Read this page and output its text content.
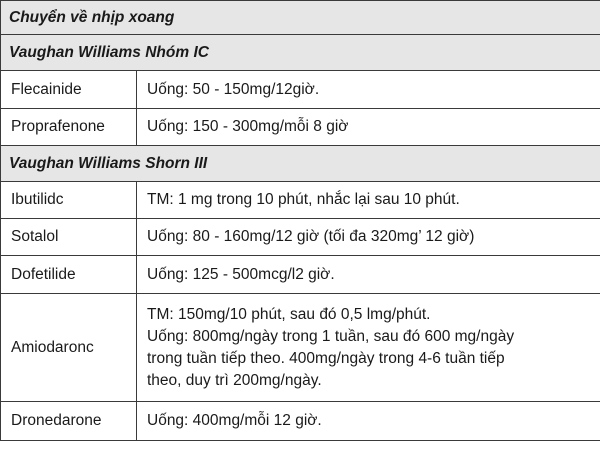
Chuyển về nhịp xoang	
Vaughan Williams Nhóm IC	
Flecainide	Uống: 50 - 150mg/12giờ.
Proprafenone	Uống: 150 - 300mg/mỗi 8 giờ
Vaughan Williams Shorn III	
Ibutilidc	TM: 1 mg trong 10 phút, nhắc lại sau 10 phút.
Sotalol	Uống: 80 - 160mg/12 giờ (tối đa 320mg’ 12 giờ)
Dofetilide	Uống: 125 - 500mcg/l2 giờ.
Amiodaronc	TM: 150mg/10 phút, sau đó 0,5 lmg/phút.
Uống: 800mg/ngày trong 1 tuần, sau đó 600 mg/ngày
trong tuần tiếp theo. 400mg/ngày trong 4-6 tuần tiếp
theo, duy trì 200mg/ngày.

Dronedarone	Uống: 400mg/mỗi 12 giờ.
